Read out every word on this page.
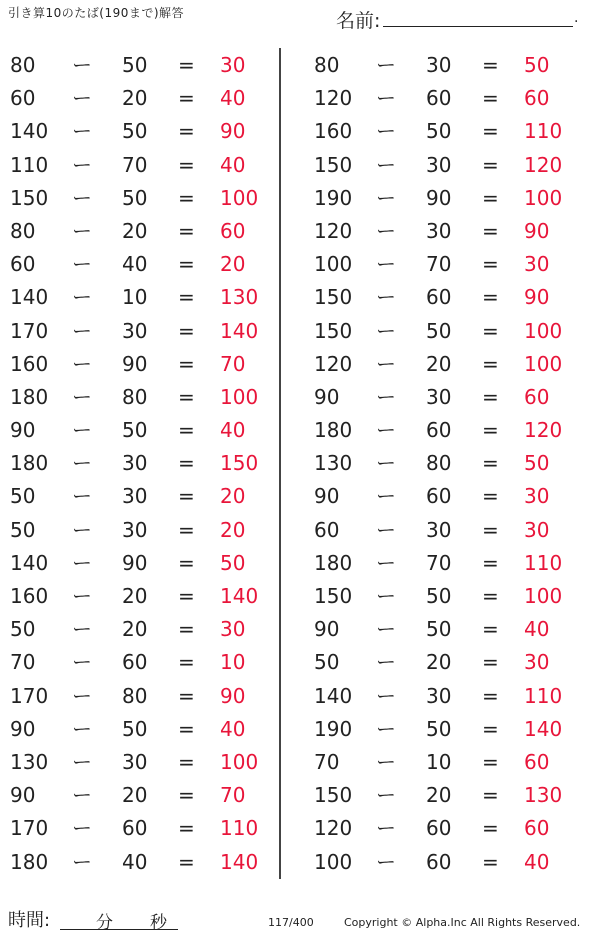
引き算10のたば(190まで)解答	名前:	.
80 ー 50 = 30
60 ー 20 = 40
140 ー 50 = 90
110 ー 70 = 40
150 ー 50 = 100
80 ー 20 = 60
60 ー 40 = 20
140 ー 10 = 130
170 ー 30 = 140
160 ー 90 = 70
180 ー 80 = 100
90 ー 50 = 40
180 ー 30 = 150
50 ー 30 = 20
50 ー 30 = 20
140 ー 90 = 50
160 ー 20 = 140
50 ー 20 = 30
70 ー 60 = 10
170 ー 80 = 90
90 ー 50 = 40
130 ー 30 = 100
90 ー 20 = 70
170 ー 60 = 110
180 ー 40 = 140
80 ー 30 = 50
120 ー 60 = 60
160 ー 50 = 110
150 ー 30 = 120
190 ー 90 = 100
120 ー 30 = 90
100 ー 70 = 30
150 ー 60 = 90
150 ー 50 = 100
120 ー 20 = 100
90 ー 30 = 60
180 ー 60 = 120
130 ー 80 = 50
90 ー 60 = 30
60 ー 30 = 30
180 ー 70 = 110
150 ー 50 = 100
90 ー 50 = 40
50 ー 20 = 30
140 ー 30 = 110
190 ー 50 = 140
70 ー 10 = 60
150 ー 20 = 130
120 ー 60 = 60
100 ー 60 = 40
時間:	分 秒	117/400	Copyright © Alpha.Inc All Rights Reserved.
